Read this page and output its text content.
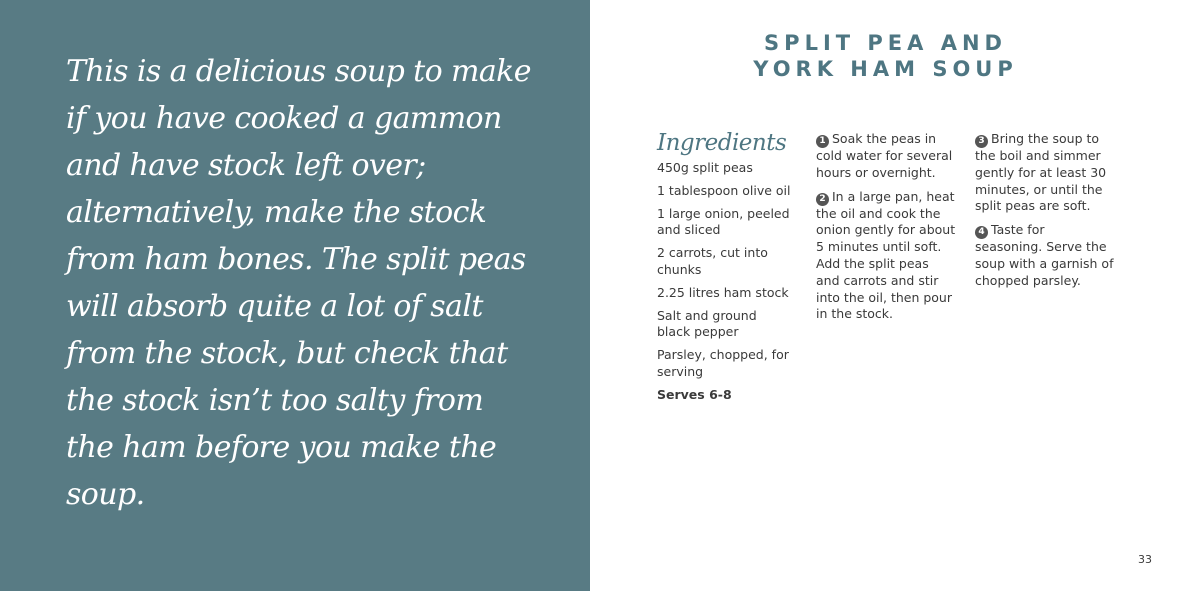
This is a delicious soup to make if you have cooked a gammon and have stock left over; alternatively, make the stock from ham bones. The split peas will absorb quite a lot of salt from the stock, but check that the stock isn’t too salty from the ham before you make the soup.

SPLIT PEA AND
YORK HAM SOUP
Ingredients
450g split peas
1 tablespoon olive oil
1 large onion, peeled and sliced
2 carrots, cut into chunks
2.25 litres ham stock
Salt and ground black pepper
Parsley, chopped, for serving

Serves 6-8

1 Soak the peas in cold water for several hours or overnight.

2 In a large pan, heat the oil and cook the onion gently for about 5 minutes until soft. Add the split peas and carrots and stir into the oil, then pour in the stock.

3 Bring the soup to the boil and simmer gently for at least 30 minutes, or until the split peas are soft.

4 Taste for seasoning. Serve the soup with a garnish of chopped parsley.

33
